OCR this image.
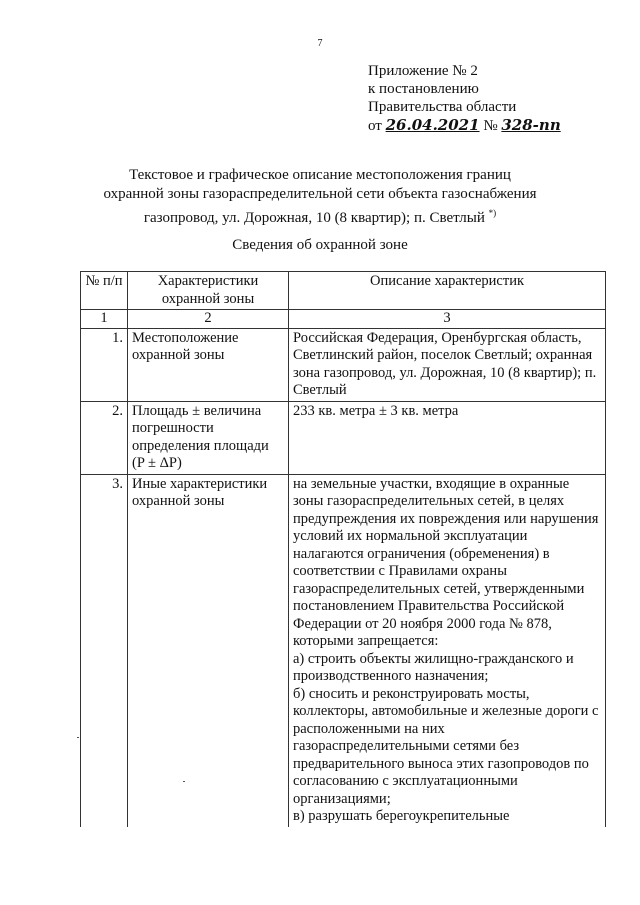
7
Приложение № 2
к постановлению
Правительства области
от 26.04.2021 № 328-пп
Текстовое и графическое описание местоположения границ
охранной зоны газораспределительной сети объекта газоснабжения
газопровод, ул. Дорожная, 10 (8 квартир); п. Светлый *)
Сведения об охранной зоне
№ п/п	Характеристики охранной зоны	Описание характеристик
1	2	3
1.	Местоположение охранной зоны	Российская Федерация, Оренбургская область, Светлинский район, поселок Светлый; охранная зона газопровод, ул. Дорожная, 10 (8 квартир); п. Светлый
2.	Площадь ± величина погрешности определения площади (P ± ΔP)	233 кв. метра ± 3 кв. метра
3.	Иные характеристики охранной зоны	на земельные участки, входящие в охранные зоны газораспределительных сетей, в целях предупреждения их повреждения или нарушения условий их нормальной эксплуатации налагаются ограничения (обременения) в соответствии с Правилами охраны газораспределительных сетей, утвержденными постановлением Правительства Российской Федерации от 20 ноября 2000 года № 878, которыми запрещается:
а) строить объекты жилищно-гражданского и производственного назначения;
б) сносить и реконструировать мосты, коллекторы, автомобильные и железные дороги с расположенными на них газораспределительными сетями без предварительного выноса этих газопроводов по согласованию с эксплуатационными организациями;
в) разрушать берегоукрепительные
